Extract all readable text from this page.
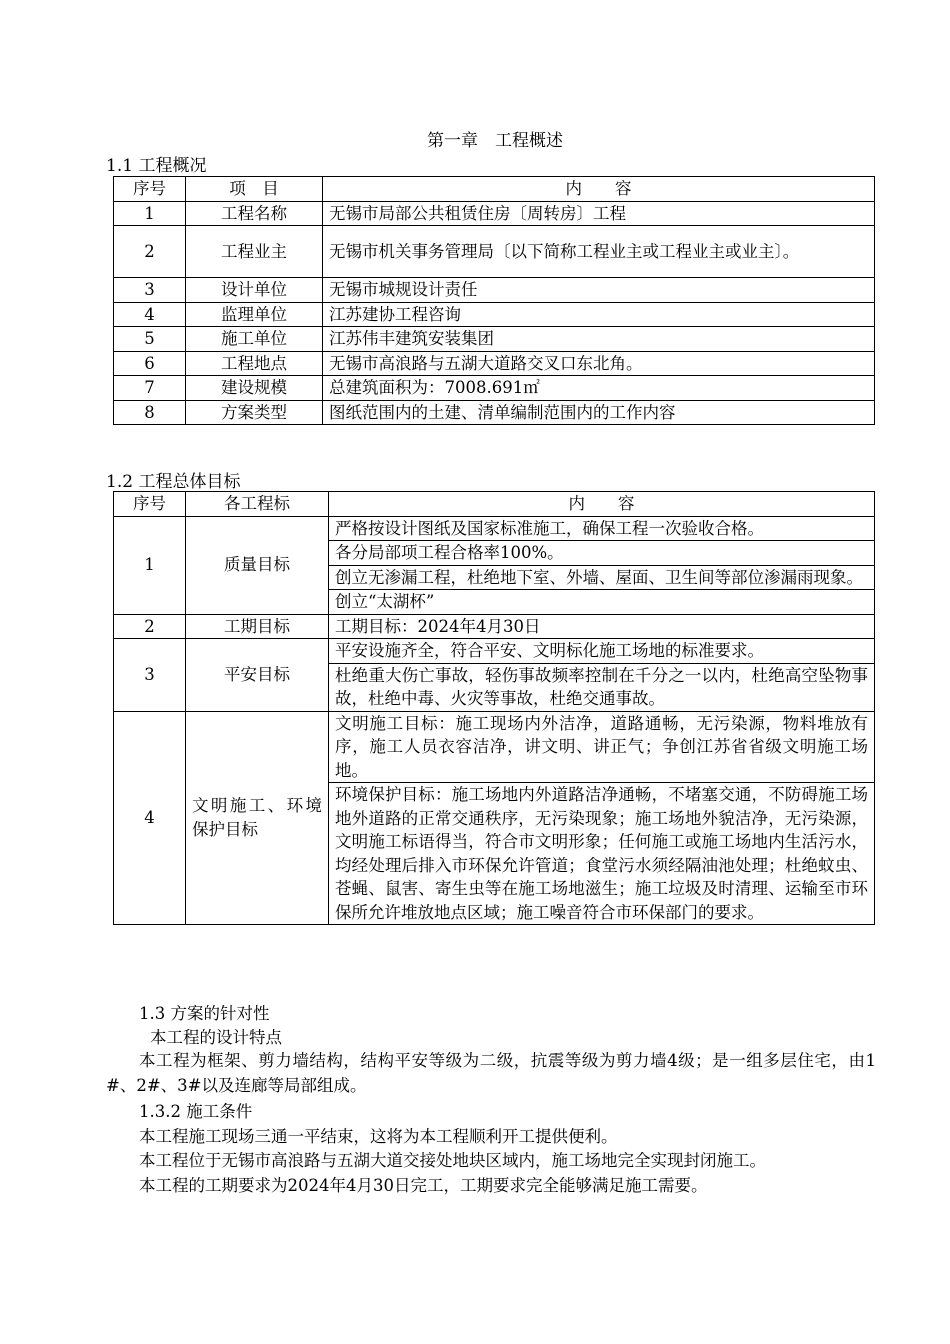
第一章　工程概述
1.1 工程概况
序号	项　目	内　　容
1	工程名称	无锡市局部公共租赁住房〔周转房〕工程
2	工程业主	无锡市机关事务管理局〔以下简称工程业主或工程业主或业主〕。
3	设计单位	无锡市城规设计责任
4	监理单位	江苏建协工程咨询
5	施工单位	江苏伟丰建筑安装集团
6	工程地点	无锡市高浪路与五湖大道路交叉口东北角。
7	建设规模	总建筑面积为：7008.691㎡
8	方案类型	图纸范围内的土建、清单编制范围内的工作内容
1.2 工程总体目标
序号	各工程标	内　　容
1	质量目标	严格按设计图纸及国家标准施工，确保工程一次验收合格。
		各分局部项工程合格率100%。
		创立无渗漏工程，杜绝地下室、外墙、屋面、卫生间等部位渗漏雨现象。
		创立“太湖杯”
2	工期目标	工期目标：2024年4月30日
3	平安目标	平安设施齐全，符合平安、文明标化施工场地的标准要求。
		杜绝重大伤亡事故，轻伤事故频率控制在千分之一以内，杜绝高空坠物事故，杜绝中毒、火灾等事故，杜绝交通事故。
4	文明施工、环境保护目标	文明施工目标：施工现场内外洁净，道路通畅，无污染源，物料堆放有序，施工人员衣容洁净，讲文明、讲正气；争创江苏省省级文明施工场地。
		环境保护目标：施工场地内外道路洁净通畅，不堵塞交通，不防碍施工场地外道路的正常交通秩序，无污染现象；施工场地外貌洁净，无污染源，文明施工标语得当，符合市文明形象；任何施工或施工场地内生活污水，均经处理后排入市环保允许管道；食堂污水须经隔油池处理；杜绝蚊虫、苍蝇、鼠害、寄生虫等在施工场地滋生；施工垃圾及时清理、运输至市环保所允许堆放地点区域；施工噪音符合市环保部门的要求。
1.3 方案的针对性
本工程的设计特点
本工程为框架、剪力墙结构，结构平安等级为二级，抗震等级为剪力墙4级；是一组多层住宅，由1#、2#、3#以及连廊等局部组成。
1.3.2 施工条件
本工程施工现场三通一平结束，这将为本工程顺利开工提供便利。
本工程位于无锡市高浪路与五湖大道交接处地块区域内，施工场地完全实现封闭施工。
本工程的工期要求为2024年4月30日完工，工期要求完全能够满足施工需要。
